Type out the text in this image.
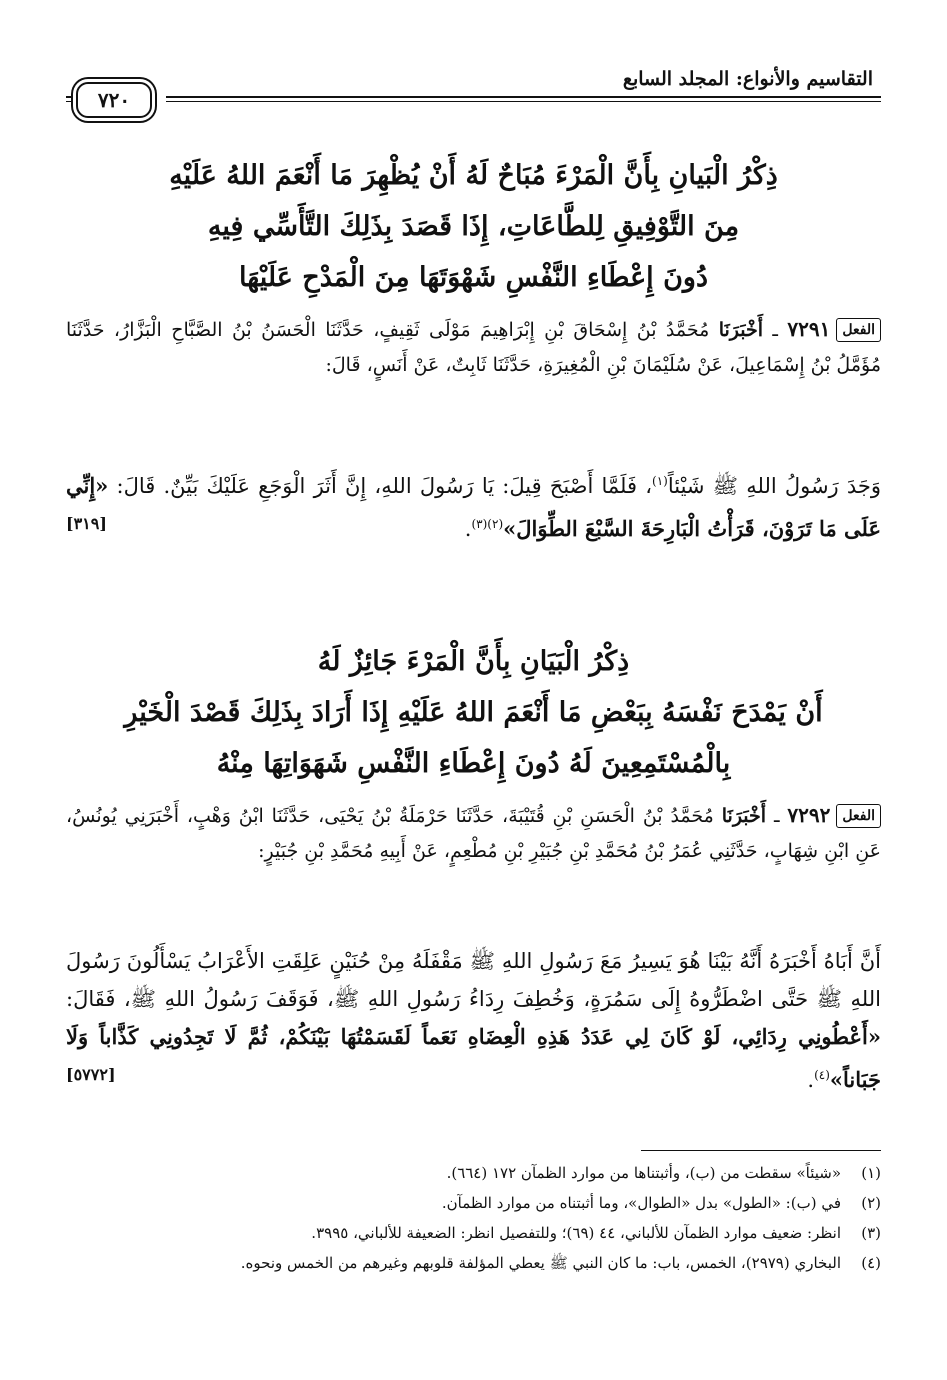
التقاسيم والأنواع: المجلد السابع
٧٢٠
ذِكْرُ الْبَيانِ بِأَنَّ الْمَرْءَ مُبَاحٌ لَهُ أَنْ يُظْهِرَ مَا أَنْعَمَ اللهُ عَلَيْهِ
مِنَ التَّوْفِيقِ لِلطَّاعَاتِ، إِذَا قَصَدَ بِذَلِكَ التَّأَسِّي فِيهِ
دُونَ إِعْطَاءِ النَّفْسِ شَهْوَتَهَا مِنَ الْمَدْحِ عَلَيْهَا
الفعل٧٢٩١ ـ أَخْبَرَنَا مُحَمَّدُ بْنُ إِسْحَاقَ بْنِ إِبْرَاهِيمَ مَوْلَى ثَقِيفٍ، حَدَّثَنَا الْحَسَنُ بْنُ الصَّبَّاحِ الْبَزَّارُ، حَدَّثَنَا مُؤَمَّلُ بْنُ إِسْمَاعِيلَ، عَنْ سُلَيْمَانَ بْنِ الْمُغِيرَةِ، حَدَّثَنَا ثَابِتٌ، عَنْ أَنَسٍ، قَالَ:
وَجَدَ رَسُولُ اللهِ ﷺ شَيْئاً$^{(١)}$، فَلَمَّا أَصْبَحَ قِيلَ: يَا رَسُولَ اللهِ، إِنَّ أَثَرَ الْوَجَعِ عَلَيْكَ بَيِّنٌ. قَالَ: «إِنِّي عَلَى مَا تَرَوْنَ، قَرَأْتُ الْبَارِحَةَ السَّبْعَ الطِّوَالَ»$^{(٢)(٣)}$.
[٣١٩]
ذِكْرُ الْبَيَانِ بِأَنَّ الْمَرْءَ جَائِزٌ لَهُ
أَنْ يَمْدَحَ نَفْسَهُ بِبَعْضِ مَا أَنْعَمَ اللهُ عَلَيْهِ إِذَا أَرَادَ بِذَلِكَ قَصْدَ الْخَيْرِ
بِالْمُسْتَمِعِينَ لَهُ دُونَ إِعْطَاءِ النَّفْسِ شَهَوَاتِهَا مِنْهُ
الفعل٧٢٩٢ ـ أَخْبَرَنَا مُحَمَّدُ بْنُ الْحَسَنِ بْنِ قُتَيْبَةَ، حَدَّثَنَا حَرْمَلَةُ بْنُ يَحْيَى، حَدَّثَنَا ابْنُ وَهْبٍ، أَخْبَرَنِي يُونُسُ، عَنِ ابْنِ شِهَابٍ، حَدَّثَنِي عُمَرُ بْنُ مُحَمَّدِ بْنِ جُبَيْرِ بْنِ مُطْعِمٍ، عَنْ أَبِيهِ مُحَمَّدِ بْنِ جُبَيْرٍ:
أَنَّ أَبَاهُ أَخْبَرَهُ أَنَّهُ بَيْنَا هُوَ يَسِيرُ مَعَ رَسُولِ اللهِ ﷺ مَقْفَلَهُ مِنْ حُنَيْنٍ عَلِقَتِ الأَعْرَابُ يَسْأَلُونَ رَسُولَ اللهِ ﷺ حَتَّى اضْطَرُّوهُ إِلَى سَمُرَةٍ، وَخُطِفَ رِدَاءُ رَسُولِ اللهِ ﷺ، فَوَقَفَ رَسُولُ اللهِ ﷺ، فَقَالَ: «أَعْطُونِي رِدَائِي، لَوْ كَانَ لِي عَدَدُ هَذِهِ الْعِضَاهِ نَعَماً لَقَسَمْتُهَا بَيْنَكُمْ، ثُمَّ لَا تَجِدُونِي كَذَّاباً وَلَا جَبَاناً»$^{(٤)}$.
[٥٧٧٢]

(١)«شيئاً» سقطت من (ب)، وأثبتناها من موارد الظمآن ١٧٢ (٦٦٤).

(٢)في (ب): «الطول» بدل «الطوال»، وما أثبتناه من موارد الظمآن.

(٣)انظر: ضعيف موارد الظمآن للألباني، ٤٤ (٦٩)؛ وللتفصيل انظر: الضعيفة للألباني، ٣٩٩٥.

(٤)البخاري (٢٩٧٩)، الخمس، باب: ما كان النبي ﷺ يعطي المؤلفة قلوبهم وغيرهم من الخمس ونحوه.
